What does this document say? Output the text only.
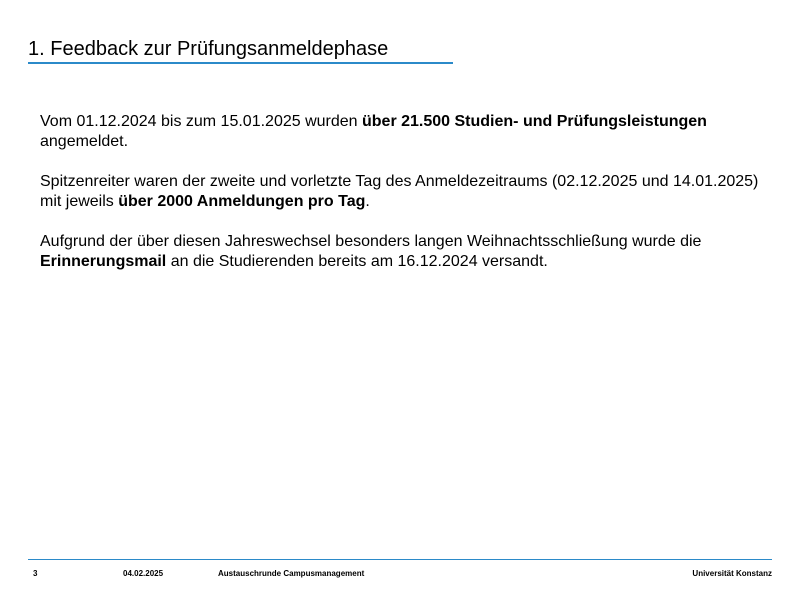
1. Feedback zur Prüfungsanmeldephase

Vom 01.12.2024 bis zum 15.01.2025 wurden über 21.500 Studien- und Prüfungsleistungen angemeldet.

Spitzenreiter waren der zweite und vorletzte Tag des Anmeldezeitraums (02.12.2025 und 14.01.2025) mit jeweils über 2000 Anmeldungen pro Tag.

Aufgrund der über diesen Jahreswechsel besonders langen Weihnachtsschließung wurde die Erinnerungsmail an die Studierenden bereits am 16.12.2024 versandt.

3	04.02.2025	Austauschrunde Campusmanagement	Universität Konstanz
